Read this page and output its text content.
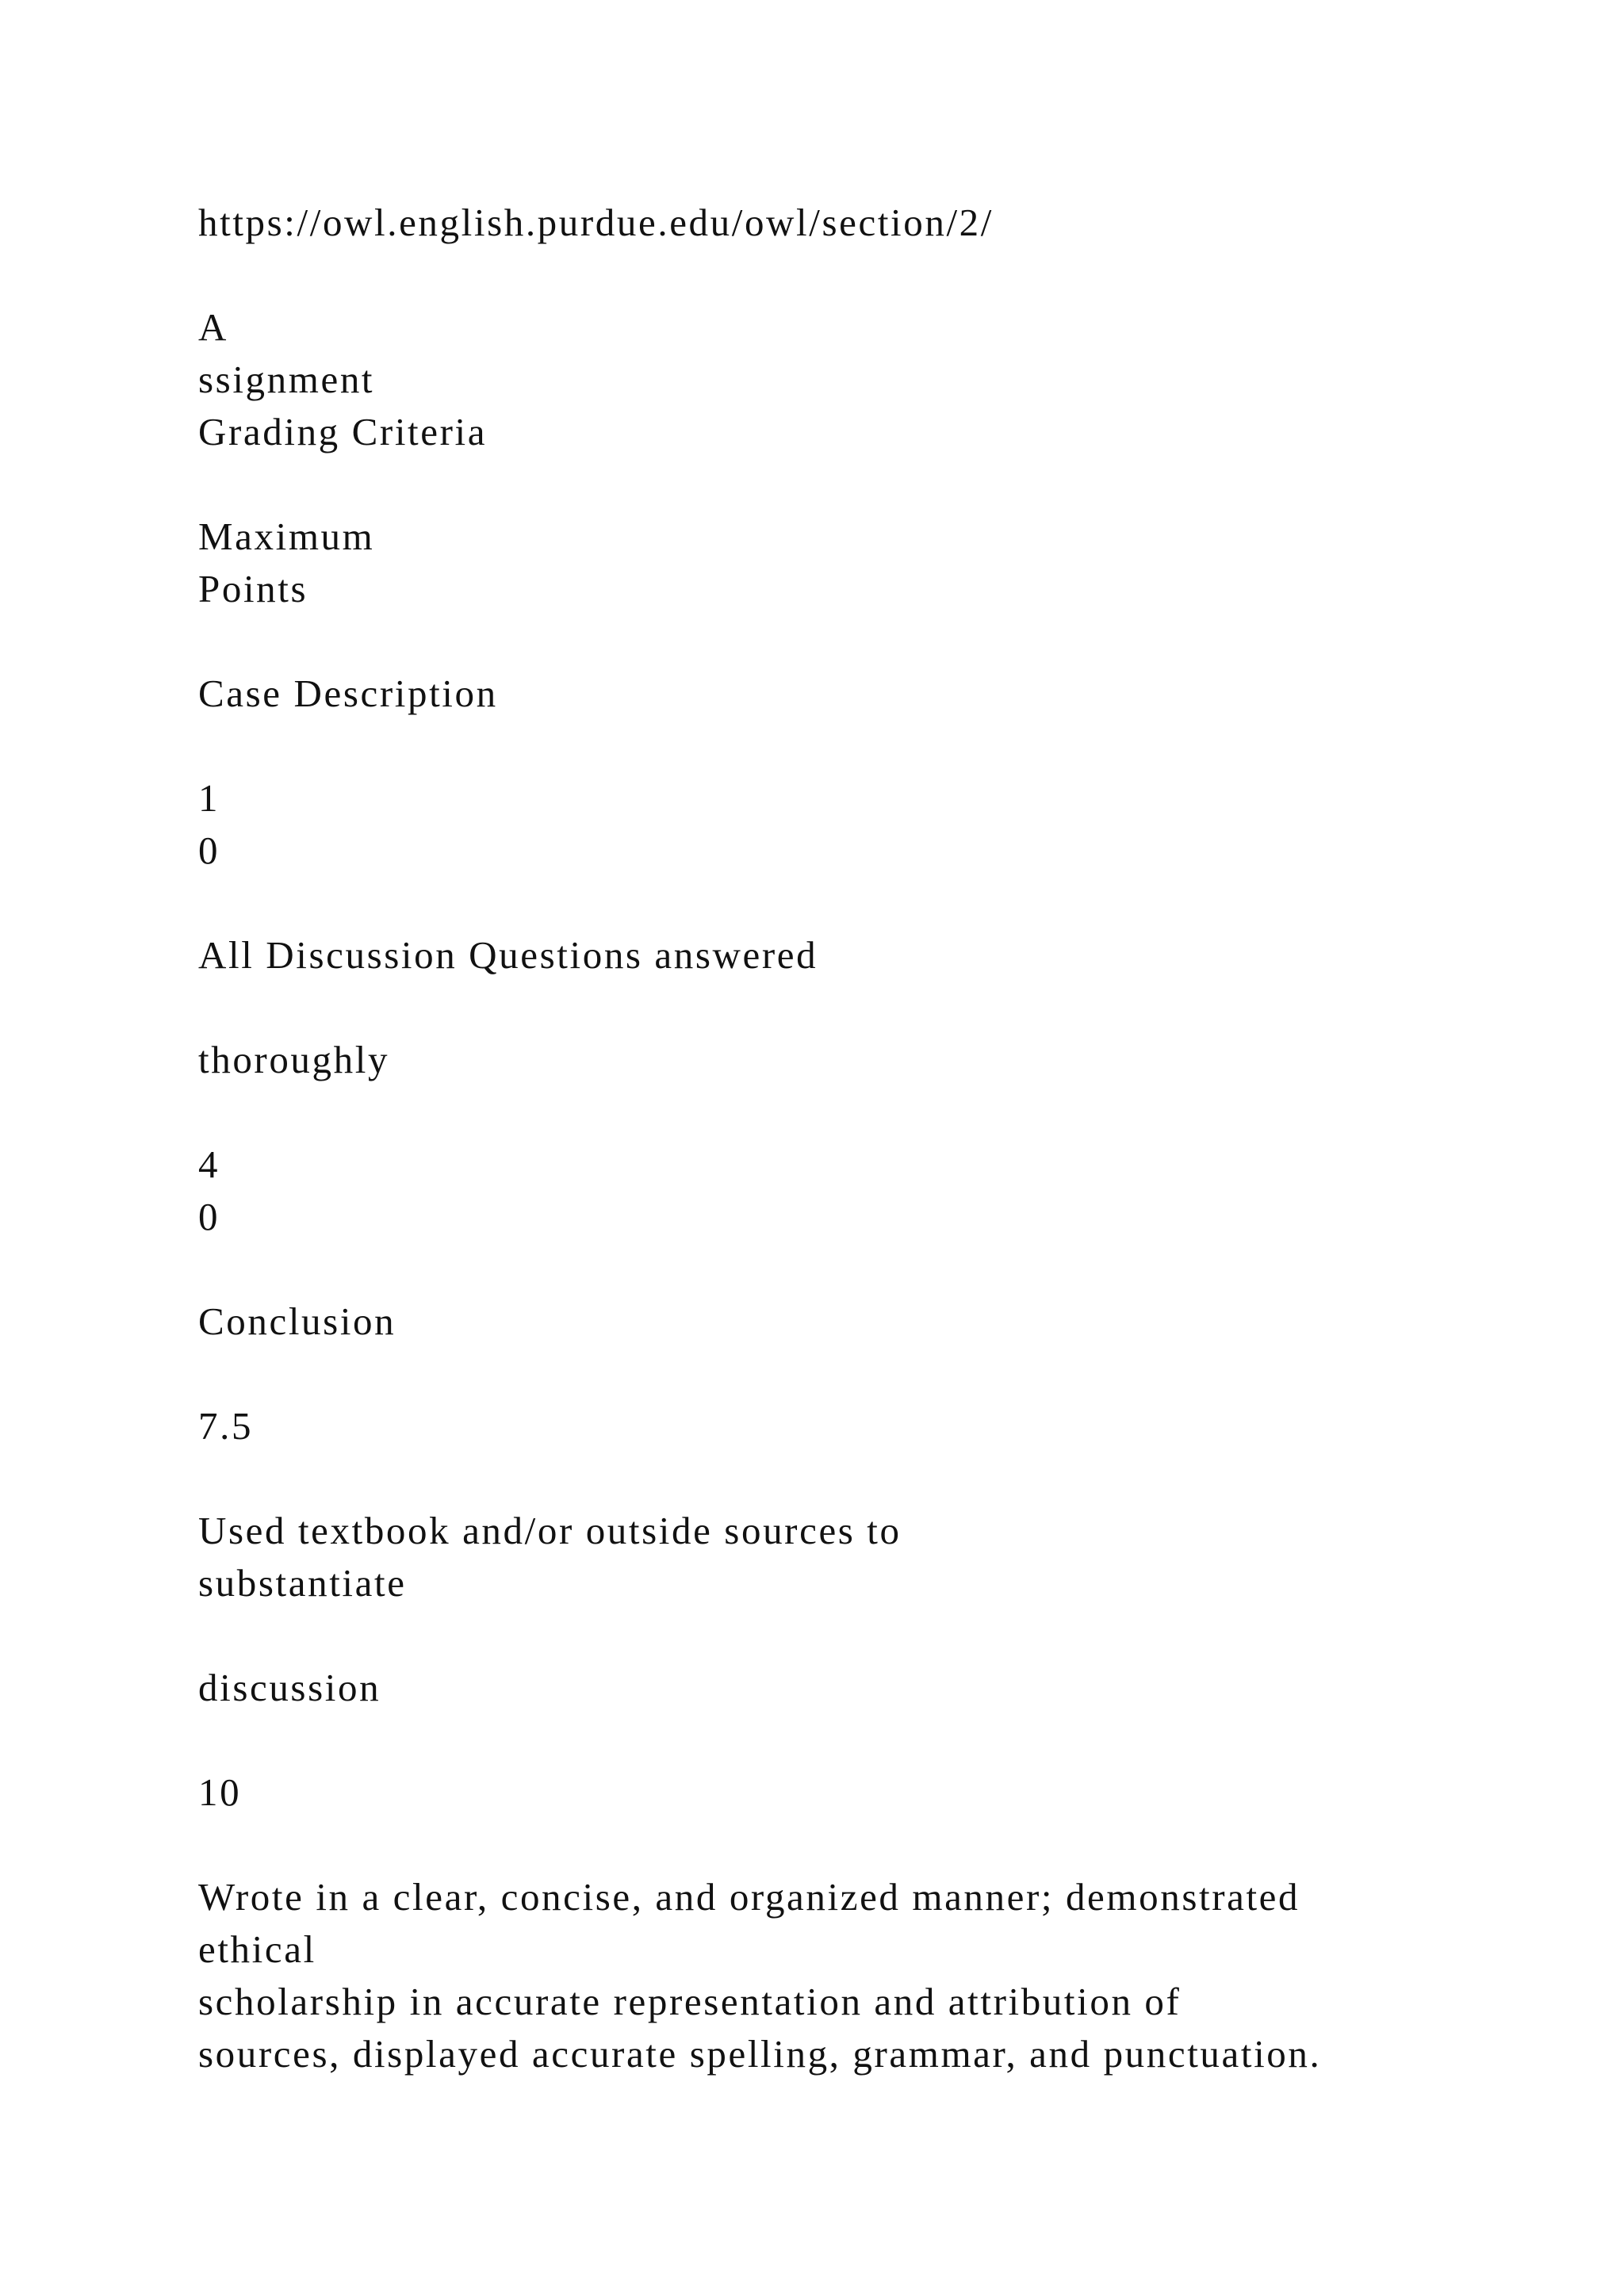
https://owl.english.purdue.edu/owl/section/2/
A
ssignment
Grading Criteria
Maximum
Points
Case Description
1
0
All Discussion Questions answered
thoroughly
4
0
Conclusion
7.5
Used textbook and/or outside sources to
substantiate
discussion
10
Wrote in a clear, concise, and organized manner; demonstrated
ethical
scholarship in accurate representation and attribution of
sources, displayed accurate spelling, grammar, and punctuation.
